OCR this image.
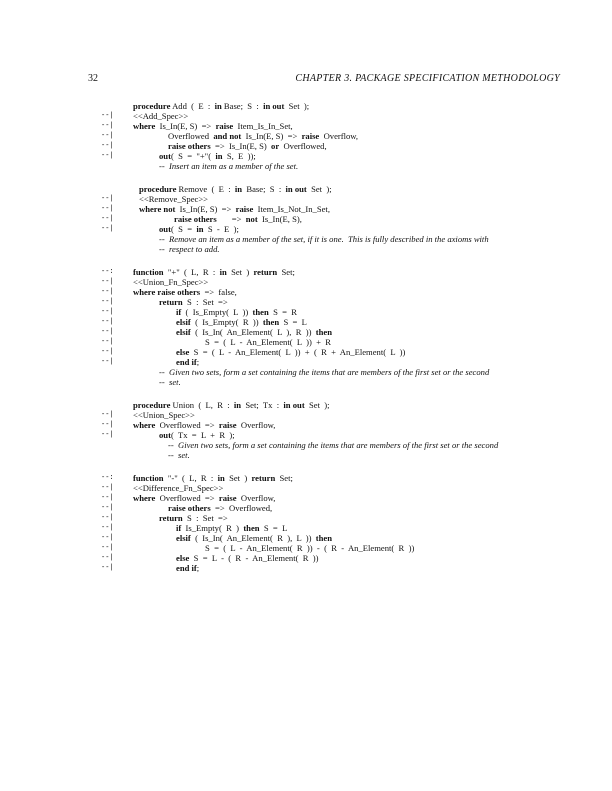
32	CHAPTER 3. PACKAGE SPECIFICATION METHODOLOGY
procedure Add  (  E  :  in Base;  S  :  in out  Set  );
--| <<Add_Spec>>
--| where  Is_In(E, S)  =>  raise  Item_Is_In_Set,
--|	Overflowed  and not  Is_In(E, S)  =>  raise  Overflow,
--|	raise others  =>  Is_In(E, S)  or  Overflowed,
--|	out(  S  =  "+"(  in  S,  E  ));
--  Insert an item as a member of the set.
procedure Remove  (  E  :  in  Base;  S  :  in out  Set  );
--|	<<Remove_Spec>>
--|	where not  Is_In(E, S)  =>  raise  Item_Is_Not_In_Set,
--|	raise others       =>  not  Is_In(E, S),
--|	out(  S  =  in  S  -  E  );
--  Remove an item as a member of the set, if it is one.  This is fully described in the axioms with
--  respect to add.
--: function  "+"  (  L,  R  :  in  Set  )  return  Set;
--| <<Union_Fn_Spec>>
--| where raise others  =>  false,
--|	return  S  :  Set  =>
--|	if  (  Is_Empty(  L  ))  then  S  =  R
--|	elsif  (  Is_Empty(  R  ))  then  S  =  L
--|	elsif  (  Is_In(  An_Element(  L  ),  R  ))  then
--|	S  =  (  L  -  An_Element(  L  ))  +  R
--|	else  S  =  (  L  -  An_Element(  L  ))  +  (  R  +  An_Element(  L  ))
--|	end if;
--  Given two sets, form a set containing the items that are members of the first set or the second
--  set.
procedure Union  (  L,  R  :  in  Set;  Tx  :  in out  Set  );
--| <<Union_Spec>>
--| where  Overflowed  =>  raise  Overflow,
--|	out(  Tx  =  L  +  R  );
--  Given two sets, form a set containing the items that are members of the first set or the second
--  set.
--: function  "-"  (  L,  R  :  in  Set  )  return  Set;
--| <<Difference_Fn_Spec>>
--| where  Overflowed  =>  raise  Overflow,
--|	raise others  =>  Overflowed,
--|	return  S  :  Set  =>
--|	if  Is_Empty(  R  )  then  S  =  L
--|	elsif  (  Is_In(  An_Element(  R  ),  L  ))  then
--|	S  =  (  L  -  An_Element(  R  ))  -  (  R  -  An_Element(  R  ))
--|	else  S  =  L  -  (  R  -  An_Element(  R  ))
--|	end if;
